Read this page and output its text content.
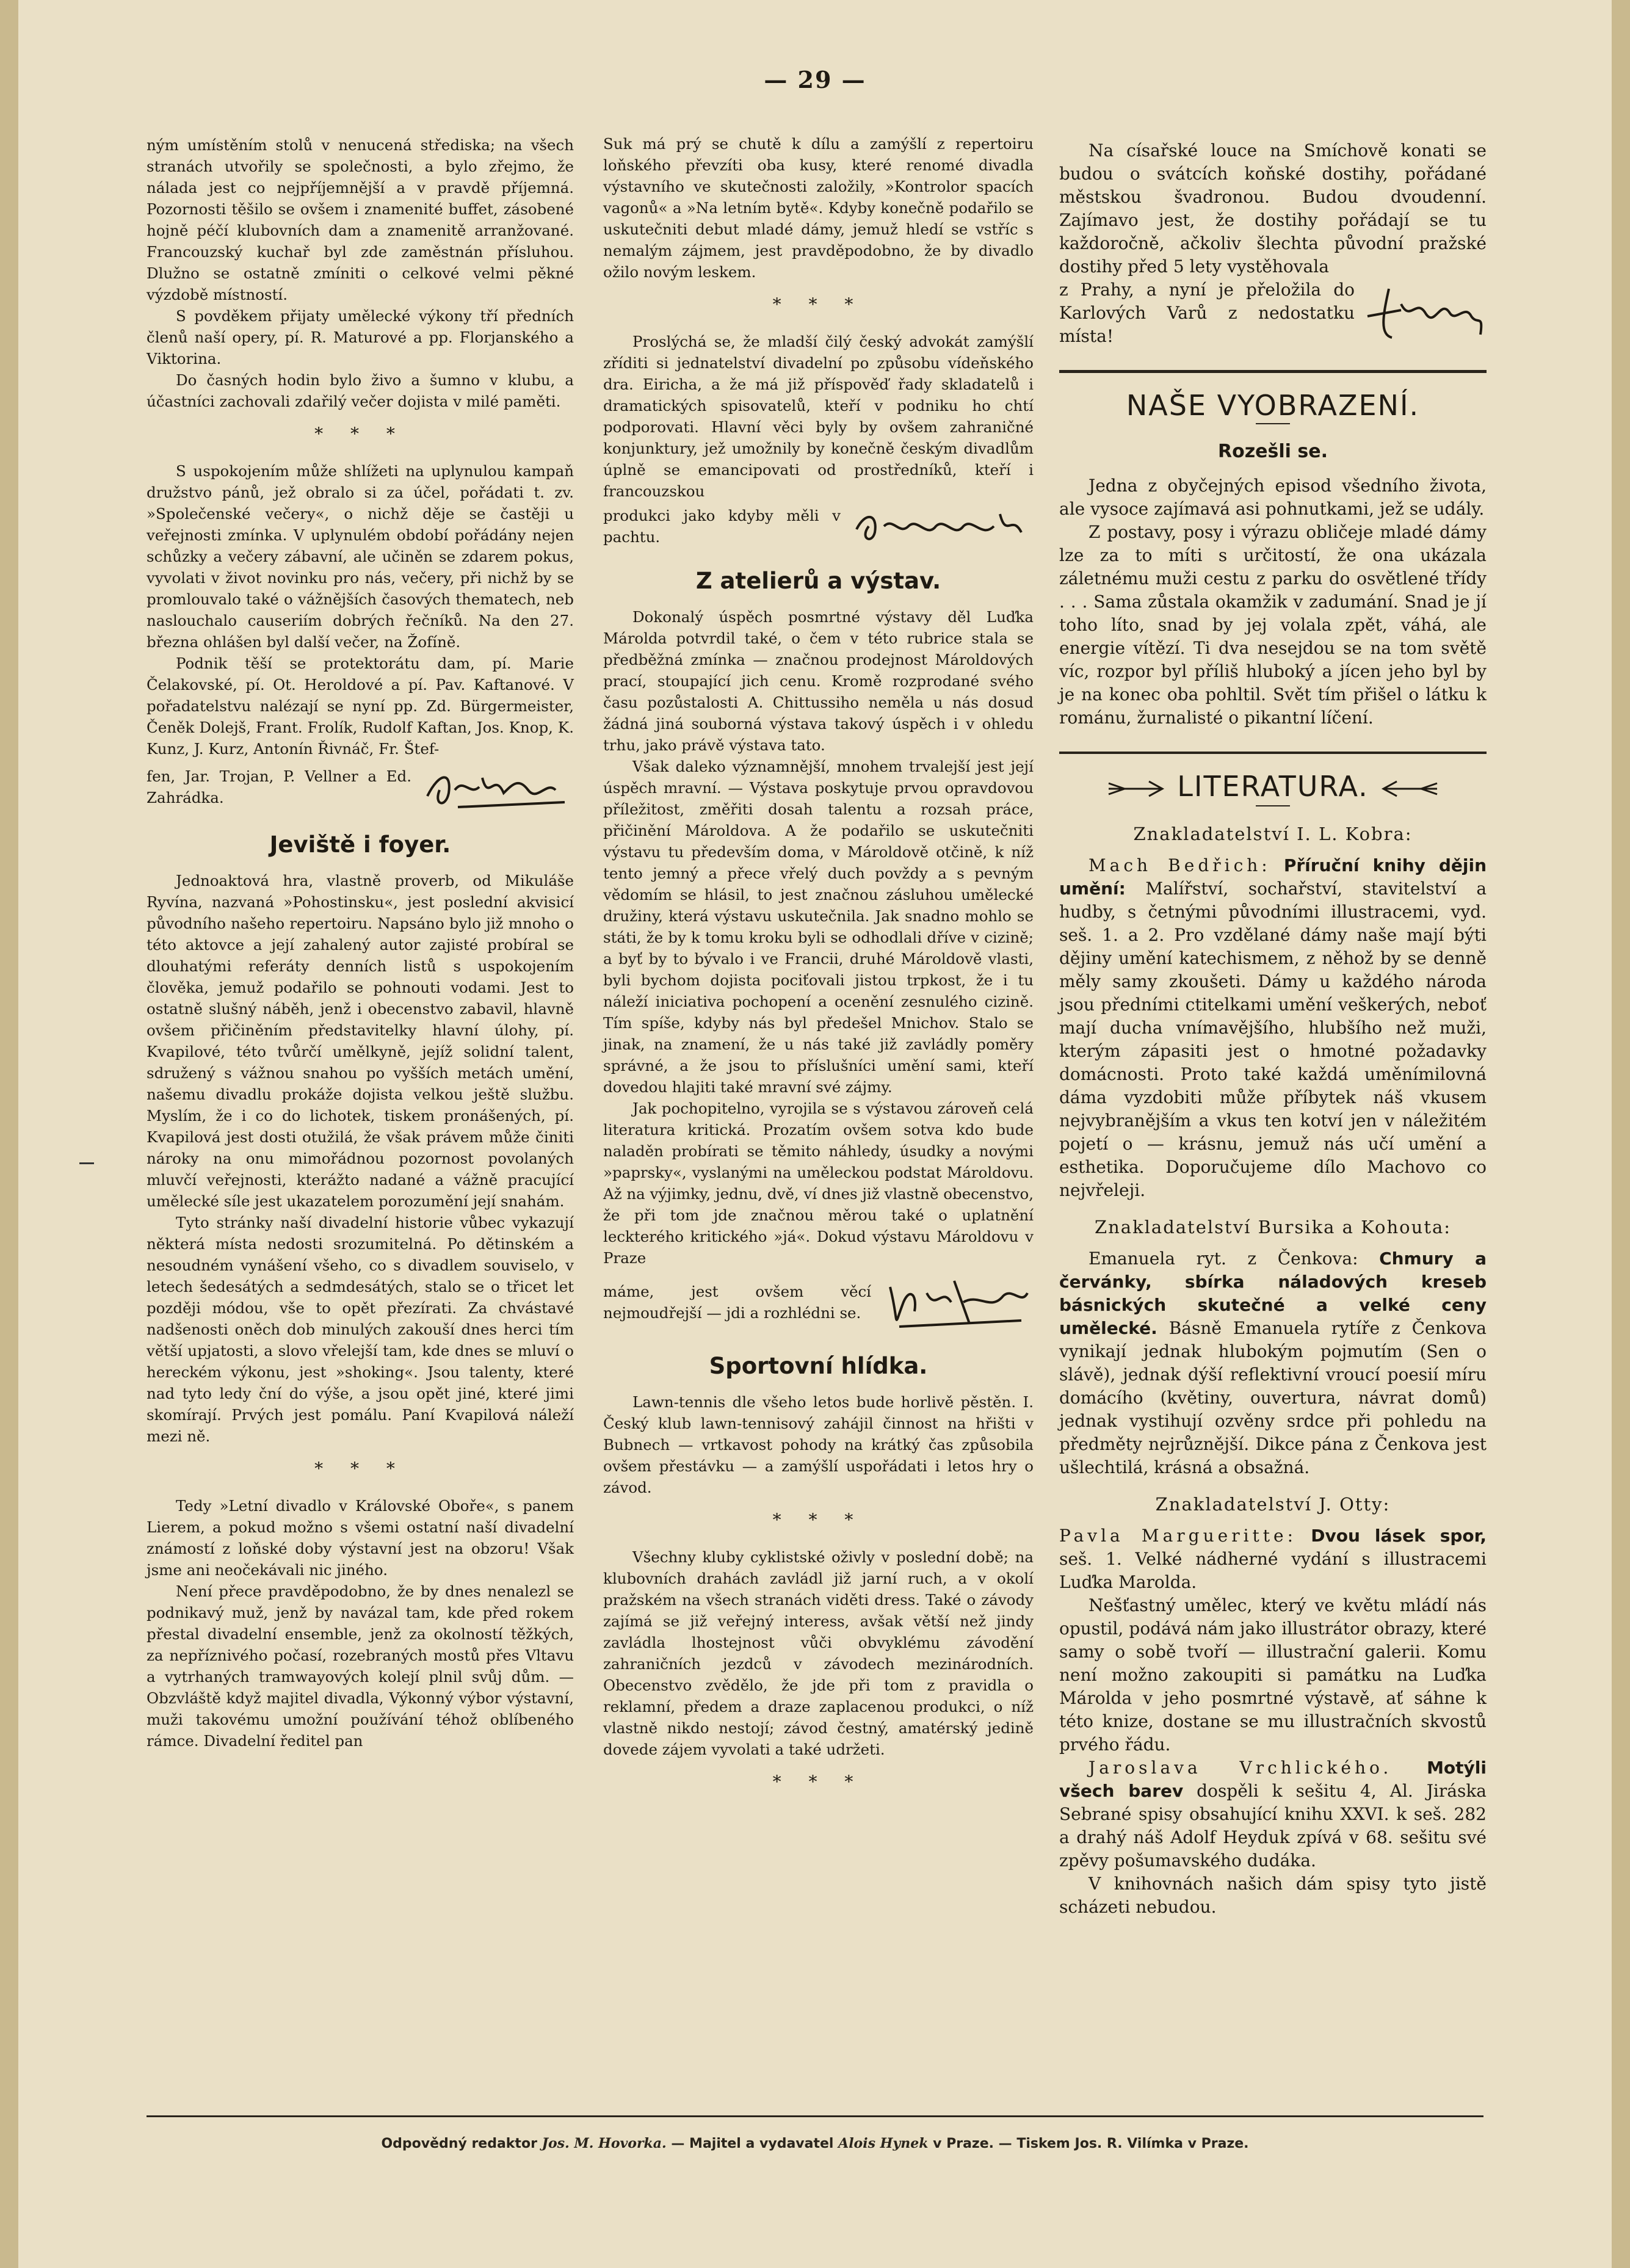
— 29 —

ným umístěním stolů v nenucená střediska; na všech stranách utvořily se společnosti, a bylo zřejmo, že nálada jest co nejpříjemnější a v pravdě příjemná. Pozornosti těšilo se ovšem i znamenité buffet, zásobené hojně péčí klubovních dam a znamenitě arranžované. Francouzský kuchař byl zde zaměstnán přísluhou. Dlužno se ostatně zmíniti o celkové velmi pěkné výzdobě místností.

S povděkem přijaty umělecké výkony tří předních členů naší opery, pí. R. Maturové a pp. Florjanského a Viktorina.

Do časných hodin bylo živo a šumno v klubu, a účastníci zachovali zdařilý večer dojista v milé paměti.

* * *

S uspokojením může shlížeti na uplynulou kampaň družstvo pánů, jež obralo si za účel, pořádati t. zv. »Společenské večery«, o nichž děje se častěji u veřejnosti zmínka. V uplynulém období pořádány nejen schůzky a večery zábavní, ale učiněn se zdarem pokus, vyvolati v život novinku pro nás, večery, při nichž by se promlouvalo také o vážnějších časových thematech, neb naslouchalo causeriím dobrých řečníků. Na den 27. března ohlášen byl další večer, na Žofíně.

Podnik těší se protektorátu dam, pí. Marie Čelakovské, pí. Ot. Heroldové a pí. Pav. Kaftanové. V pořadatelstvu nalézají se nyní pp. Zd. Bürgermeister, Čeněk Dolejš, Frant. Frolík, Rudolf Kaftan, Jos. Knop, K. Kunz, J. Kurz, Antonín Řivnáč, Fr. Štef-

fen, Jar. Trojan, P. Vellner a Ed. Zahrádka.

Jeviště i foyer.

Jednoaktová hra, vlastně proverb, od Mikuláše Ryvína, nazvaná »Pohostinsku«, jest poslední akvisicí původního našeho repertoiru. Napsáno bylo již mnoho o této aktovce a její zahalený autor zajisté probíral se dlouhatými referáty denních listů s uspokojením člověka, jemuž podařilo se pohnouti vodami. Jest to ostatně slušný náběh, jenž i obecenstvo zabavil, hlavně ovšem přičiněním představitelky hlavní úlohy, pí. Kvapilové, této tvůrčí umělkyně, jejíž solidní talent, sdružený s vážnou snahou po vyšších metách umění, našemu divadlu prokáže dojista velkou ještě službu. Myslím, že i co do lichotek, tiskem pronášených, pí. Kvapilová jest dosti otužilá, že však právem může činiti nároky na onu mimořádnou pozornost povolaných mluvčí veřejnosti, kterážto nadané a vážně pracující umělecké síle jest ukazatelem porozumění její snahám.

Tyto stránky naší divadelní historie vůbec vykazují některá místa nedosti srozumitelná. Po dětinském a nesoudném vynášení všeho, co s divadlem souviselo, v letech šedesátých a sedmdesátých, stalo se o třicet let později módou, vše to opět přezírati. Za chvástavé nadšenosti oněch dob minulých zakouší dnes herci tím větší upjatosti, a slovo vřelejší tam, kde dnes se mluví o hereckém výkonu, jest »shoking«. Jsou talenty, které nad tyto ledy ční do výše, a jsou opět jiné, které jimi skomírají. Prvých jest pomálu. Paní Kvapilová náleží mezi ně.

* * *

Tedy »Letní divadlo v Královské Oboře«, s panem Lierem, a pokud možno s všemi ostatní naší divadelní známostí z loňské doby výstavní jest na obzoru! Však jsme ani neočekávali nic jiného.

Není přece pravděpodobno, že by dnes nenalezl se podnikavý muž, jenž by navázal tam, kde před rokem přestal divadelní ensemble, jenž za okolností těžkých, za nepříznivého počasí, rozebraných mostů přes Vltavu a vytrhaných tramwayových kolejí plnil svůj dům. — Obzvláště když majitel divadla, Výkonný výbor výstavní, muži takovému umožní používání téhož oblíbeného rámce. Divadelní ředitel pan

Suk má prý se chutě k dílu a zamýšlí z repertoiru loňského převzíti oba kusy, které renomé divadla výstavního ve skutečnosti založily, »Kontrolor spacích vagonů« a »Na letním bytě«. Kdyby konečně podařilo se uskutečniti debut mladé dámy, jemuž hledí se vstříc s nemalým zájmem, jest pravděpodobno, že by divadlo ožilo novým leskem.

* * *

Proslýchá se, že mladší čilý český advokát zamýšlí zříditi si jednatelství divadelní po způsobu vídeňského dra. Eiricha, a že má již příspověď řady skladatelů i dramatických spisovatelů, kteří v podniku ho chtí podporovati. Hlavní věci byly by ovšem zahraničné konjunktury, jež umožnily by konečně českým divadlům úplně se emancipovati od prostředníků, kteří i francouzskou

produkci jako kdyby měli v pachtu.

Z atelierů a výstav.

Dokonalý úspěch posmrtné výstavy děl Luďka Márolda potvrdil také, o čem v této rubrice stala se předběžná zmínka — značnou prodejnost Mároldových prací, stoupající jich cenu. Kromě rozprodané svého času pozůstalosti A. Chittussiho neměla u nás dosud žádná jiná souborná výstava takový úspěch i v ohledu trhu, jako právě výstava tato.

Však daleko významnější, mnohem trvalejší jest její úspěch mravní. — Výstava poskytuje prvou opravdovou příležitost, změřiti dosah talentu a rozsah práce, přičinění Mároldova. A že podařilo se uskutečniti výstavu tu především doma, v Mároldově otčině, k níž tento jemný a přece vřelý duch povždy a s pevným vědomím se hlásil, to jest značnou zásluhou umělecké družiny, která výstavu uskutečnila. Jak snadno mohlo se státi, že by k tomu kroku byli se odhodlali dříve v cizině; a byť by to bývalo i ve Francii, druhé Mároldově vlasti, byli bychom dojista pociťovali jistou trpkost, že i tu náleží iniciativa pochopení a ocenění zesnulého cizině. Tím spíše, kdyby nás byl předešel Mnichov. Stalo se jinak, na znamení, že u nás také již zavládly poměry správné, a že jsou to příslušníci umění sami, kteří dovedou hlajiti také mravní své zájmy.

Jak pochopitelno, vyrojila se s výstavou zároveň celá literatura kritická. Prozatím ovšem sotva kdo bude naladěn probírati se těmito náhledy, úsudky a novými »paprsky«, vyslanými na uměleckou podstat Mároldovu. Až na výjimky, jednu, dvě, ví dnes již vlastně obecenstvo, že při tom jde značnou měrou také o uplatnění leckterého kritického »já«. Dokud výstavu Mároldovu v Praze

máme, jest ovšem věcí nejmoudřejší — jdi a rozhlédni se.

Sportovní hlídka.

Lawn-tennis dle všeho letos bude horlivě pěstěn. I. Český klub lawn-tennisový zahájil činnost na hřišti v Bubnech — vrtkavost pohody na krátký čas způsobila ovšem přestávku — a zamýšlí uspořádati i letos hry o závod.

* * *

Všechny kluby cyklistské oživly v poslední době; na klubovních drahách zavládl již jarní ruch, a v okolí pražském na všech stranách viděti dress. Také o závody zajímá se již veřejný interess, avšak větší než jindy zavládla lhostejnost vůči obvyklému závodění zahraničních jezdců v závodech mezinárodních. Obecenstvo zvědělo, že jde při tom z pravidla o reklamní, předem a draze zaplacenou produkci, o níž vlastně nikdo nestojí; závod čestný, amatérský jedině dovede zájem vyvolati a také udržeti.

* * *

Na císařské louce na Smíchově konati se budou o svátcích koňské dostihy, pořádané městskou švadronou. Budou dvoudenní. Zajímavo jest, že dostihy pořádají se tu každoročně, ačkoliv šlechta původní pražské dostihy před 5 lety vystěhovala

z Prahy, a nyní je přeložila do Karlových Varů z nedostatku místa!

NAŠE VYOBRAZENÍ.
Rozešli se.

Jedna z obyčejných episod všedního života, ale vysoce zajímavá asi pohnutkami, jež se udály.

Z postavy, posy i výrazu obličeje mladé dámy lze za to míti s určitostí, že ona ukázala záletnému muži cestu z parku do osvětlené třídy . . . Sama zůstala okamžik v zadumání. Snad je jí toho líto, snad by jej volala zpět, váhá, ale energie vítězí. Ti dva nesejdou se na tom světě víc, rozpor byl příliš hluboký a jícen jeho byl by je na konec oba pohltil. Svět tím přišel o látku k románu, žurnalisté o pikantní líčení.

LITERATURA.
Znakladatelství I. L. Kobra:

Mach Bedřich: Příruční knihy dějin umění: Malířství, sochařství, stavitelství a hudby, s četnými původními illustracemi, vyd. seš. 1. a 2. Pro vzdělané dámy naše mají býti dějiny umění katechismem, z něhož by se denně měly samy zkoušeti. Dámy u každého národa jsou předními ctitelkami umění veškerých, neboť mají ducha vnímavějšího, hlubšího než muži, kterým zápasiti jest o hmotné požadavky domácnosti. Proto také každá uměnímilovná dáma vyzdobiti může příbytek náš vkusem nejvybranějším a vkus ten kotví jen v náležitém pojetí o — krásnu, jemuž nás učí umění a esthetika. Doporučujeme dílo Machovo co nejvřeleji.

Znakladatelství Bursika a Kohouta:

Emanuela ryt. z Čenkova: Chmury a červánky, sbírka náladových kreseb básnických skutečné a velké ceny umělecké. Básně Emanuela rytíře z Čenkova vynikají jednak hlubokým pojmutím (Sen o slávě), jednak dýší reflektivní vroucí poesií míru domácího (květiny, ouvertura, návrat domů) jednak vystihují ozvěny srdce při pohledu na předměty nejrůznější. Dikce pána z Čenkova jest ušlechtilá, krásná a obsažná.

Znakladatelství J. Otty:

Pavla Margueritte: Dvou lásek spor, seš. 1. Velké nádherné vydání s illustracemi Luďka Marolda.

Nešťastný umělec, který ve květu mládí nás opustil, podává nám jako illustrátor obrazy, které samy o sobě tvoří — illustrační galerii. Komu není možno zakoupiti si památku na Luďka Márolda v jeho posmrtné výstavě, ať sáhne k této knize, dostane se mu illustračních skvostů prvého řádu.

Jaroslava Vrchlického. Motýli všech barev dospěli k sešitu 4, Al. Jiráska Sebrané spisy obsahující knihu XXVI. k seš. 282 a drahý náš Adolf Heyduk zpívá v 68. sešitu své zpěvy pošumavského dudáka.

V knihovnách našich dám spisy tyto jistě scházeti nebudou.

Odpovědný redaktor Jos. M. Hovorka. — Majitel a vydavatel Alois Hynek v Praze. — Tiskem Jos. R. Vilímka v Praze.
